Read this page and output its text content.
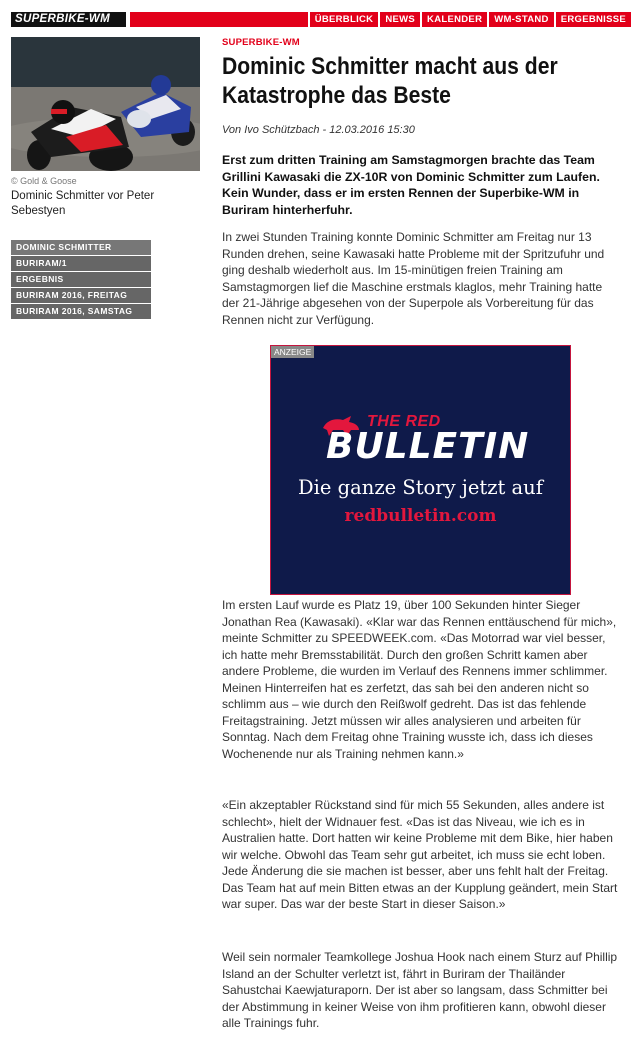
SUPERBIKE-WM	ÜBERBLICK	NEWS	KALENDER	WM-STAND	ERGEBNISSE
© Gold & Goose
Dominic Schmitter vor Peter Sebestyen
DOMINIC SCHMITTER
BURIRAM/1
ERGEBNIS
BURIRAM 2016, FREITAG
BURIRAM 2016, SAMSTAG
SUPERBIKE-WM
Dominic Schmitter macht aus der Katastrophe das Beste
Von Ivo Schützbach - 12.03.2016 15:30

Erst zum dritten Training am Samstagmorgen brachte das Team Grillini Kawasaki die ZX-10R von Dominic Schmitter zum Laufen. Kein Wunder, dass er im ersten Rennen der Superbike-WM in Buriram hinterherfuhr.

In zwei Stunden Training konnte Dominic Schmitter am Freitag nur 13 Runden drehen, seine Kawasaki hatte Probleme mit der Spritzufuhr und ging deshalb wiederholt aus. Im 15-minütigen freien Training am Samstagmorgen lief die Maschine erstmals klaglos, mehr Training hatte der 21-Jährige abgesehen von der Superpole als Vorbereitung für das Rennen nicht zur Verfügung.

ANZEIGE
THE RED
BULLETIN
Die ganze Story jetzt auf
redbulletin.com

Im ersten Lauf wurde es Platz 19, über 100 Sekunden hinter Sieger Jonathan Rea (Kawasaki). «Klar war das Rennen enttäuschend für mich», meinte Schmitter zu SPEEDWEEK.com. «Das Motorrad war viel besser, ich hatte mehr Bremsstabilität. Durch den großen Schritt kamen aber andere Probleme, die wurden im Verlauf des Rennens immer schlimmer. Meinen Hinterreifen hat es zerfetzt, das sah bei den anderen nicht so schlimm aus – wie durch den Reißwolf gedreht. Das ist das fehlende Freitagstraining. Jetzt müssen wir alles analysieren und arbeiten für Sonntag. Nach dem Freitag ohne Training wusste ich, dass ich dieses Wochenende nur als Training nehmen kann.»

«Ein akzeptabler Rückstand sind für mich 55 Sekunden, alles andere ist schlecht», hielt der Widnauer fest. «Das ist das Niveau, wie ich es in Australien hatte. Dort hatten wir keine Probleme mit dem Bike, hier haben wir welche. Obwohl das Team sehr gut arbeitet, ich muss sie echt loben. Jede Änderung die sie machen ist besser, aber uns fehlt halt der Freitag. Das Team hat auf mein Bitten etwas an der Kupplung geändert, mein Start war super. Das war der beste Start in dieser Saison.»

Weil sein normaler Teamkollege Joshua Hook nach einem Sturz auf Phillip Island an der Schulter verletzt ist, fährt in Buriram der Thailänder Sahustchai Kaewjaturaporn. Der ist aber so langsam, dass Schmitter bei der Abstimmung in keiner Weise von ihm profitieren kann, obwohl dieser alle Trainings fuhr.
